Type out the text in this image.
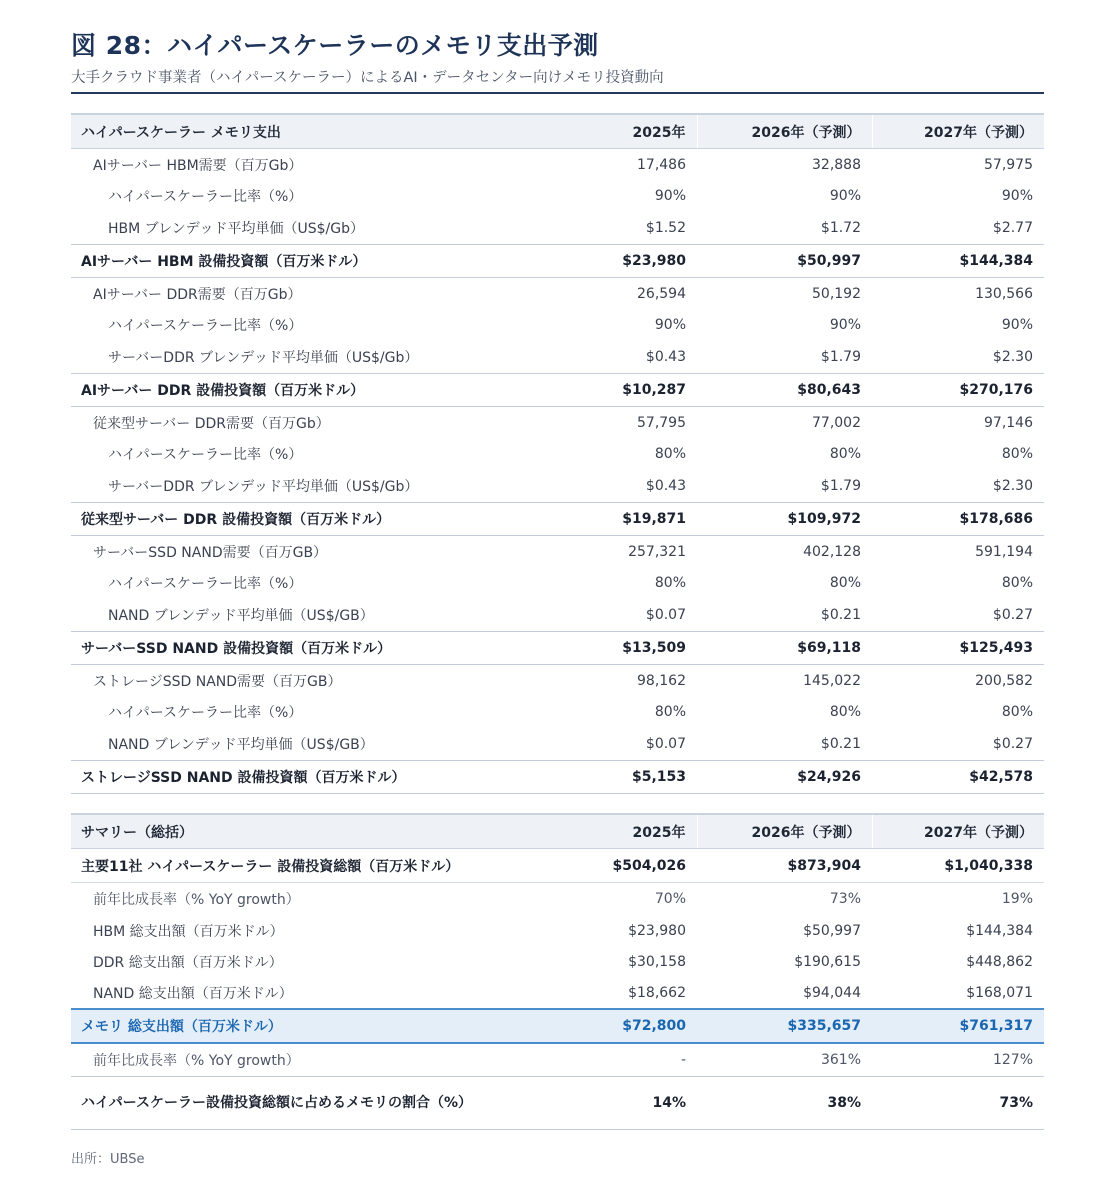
図 28：ハイパースケーラーのメモリ支出予測
大手クラウド事業者（ハイパースケーラー）によるAI・データセンター向けメモリ投資動向
ハイパースケーラー メモリ支出	2025年	2026年（予測）	2027年（予測）
AIサーバー HBM需要（百万Gb）	17,486	32,888	57,975
ハイパースケーラー比率（%）	90%	90%	90%
HBM ブレンデッド平均単価（US$/Gb）	$1.52	$1.72	$2.77
AIサーバー HBM 設備投資額（百万米ドル）	$23,980	$50,997	$144,384
AIサーバー DDR需要（百万Gb）	26,594	50,192	130,566
ハイパースケーラー比率（%）	90%	90%	90%
サーバーDDR ブレンデッド平均単価（US$/Gb）	$0.43	$1.79	$2.30
AIサーバー DDR 設備投資額（百万米ドル）	$10,287	$80,643	$270,176
従来型サーバー DDR需要（百万Gb）	57,795	77,002	97,146
ハイパースケーラー比率（%）	80%	80%	80%
サーバーDDR ブレンデッド平均単価（US$/Gb）	$0.43	$1.79	$2.30
従来型サーバー DDR 設備投資額（百万米ドル）	$19,871	$109,972	$178,686
サーバーSSD NAND需要（百万GB）	257,321	402,128	591,194
ハイパースケーラー比率（%）	80%	80%	80%
NAND ブレンデッド平均単価（US$/GB）	$0.07	$0.21	$0.27
サーバーSSD NAND 設備投資額（百万米ドル）	$13,509	$69,118	$125,493
ストレージSSD NAND需要（百万GB）	98,162	145,022	200,582
ハイパースケーラー比率（%）	80%	80%	80%
NAND ブレンデッド平均単価（US$/GB）	$0.07	$0.21	$0.27
ストレージSSD NAND 設備投資額（百万米ドル）	$5,153	$24,926	$42,578
サマリー（総括）	2025年	2026年（予測）	2027年（予測）
主要11社 ハイパースケーラー 設備投資総額（百万米ドル）	$504,026	$873,904	$1,040,338
前年比成長率（% YoY growth）	70%	73%	19%
HBM 総支出額（百万米ドル）	$23,980	$50,997	$144,384
DDR 総支出額（百万米ドル）	$30,158	$190,615	$448,862
NAND 総支出額（百万米ドル）	$18,662	$94,044	$168,071
メモリ 総支出額（百万米ドル）	$72,800	$335,657	$761,317
前年比成長率（% YoY growth）	-	361%	127%
ハイパースケーラー設備投資総額に占めるメモリの割合（%）	14%	38%	73%
出所：UBSe
